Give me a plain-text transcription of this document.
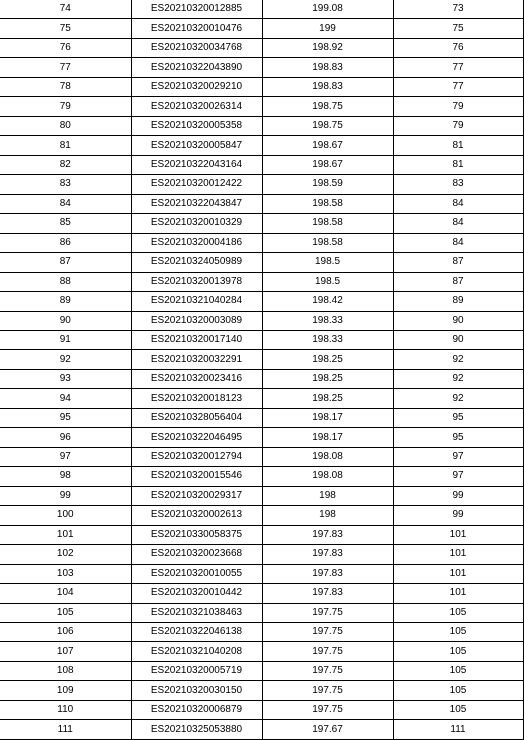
74	ES20210320012885	199.08	73
75	ES20210320010476	199	75
76	ES20210320034768	198.92	76
77	ES20210322043890	198.83	77
78	ES20210320029210	198.83	77
79	ES20210320026314	198.75	79
80	ES20210320005358	198.75	79
81	ES20210320005847	198.67	81
82	ES20210322043164	198.67	81
83	ES20210320012422	198.59	83
84	ES20210322043847	198.58	84
85	ES20210320010329	198.58	84
86	ES20210320004186	198.58	84
87	ES20210324050989	198.5	87
88	ES20210320013978	198.5	87
89	ES20210321040284	198.42	89
90	ES20210320003089	198.33	90
91	ES20210320017140	198.33	90
92	ES20210320032291	198.25	92
93	ES20210320023416	198.25	92
94	ES20210320018123	198.25	92
95	ES20210328056404	198.17	95
96	ES20210322046495	198.17	95
97	ES20210320012794	198.08	97
98	ES20210320015546	198.08	97
99	ES20210320029317	198	99
100	ES20210320002613	198	99
101	ES20210330058375	197.83	101
102	ES20210320023668	197.83	101
103	ES20210320010055	197.83	101
104	ES20210320010442	197.83	101
105	ES20210321038463	197.75	105
106	ES20210322046138	197.75	105
107	ES20210321040208	197.75	105
108	ES20210320005719	197.75	105
109	ES20210320030150	197.75	105
110	ES20210320006879	197.75	105
111	ES20210325053880	197.67	111
